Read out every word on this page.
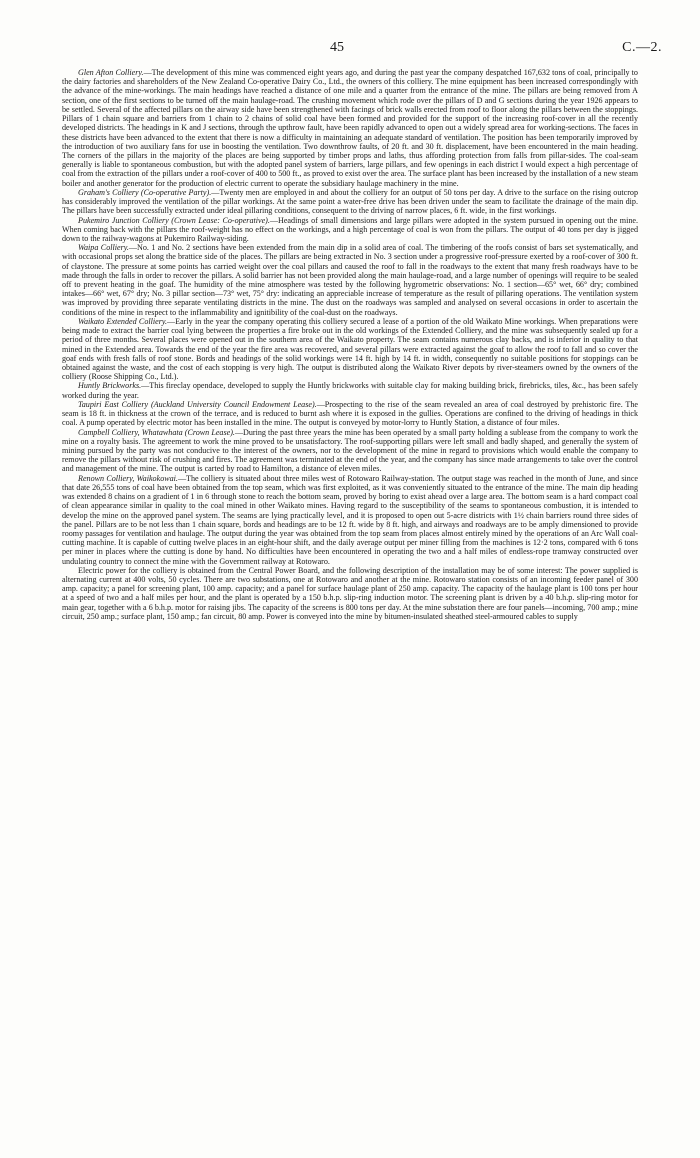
45	C.—2.

Glen Afton Colliery.—The development of this mine was commenced eight years ago, and during the past year the company despatched 167,632 tons of coal, principally to the dairy factories and shareholders of the New Zealand Co-operative Dairy Co., Ltd., the owners of this colliery. The mine equipment has been increased correspondingly with the advance of the mine-workings. The main headings have reached a distance of one mile and a quarter from the entrance of the mine. The pillars are being removed from A section, one of the first sections to be turned off the main haulage-road. The crushing movement which rode over the pillars of D and G sections during the year 1926 appears to be settled. Several of the affected pillars on the airway side have been strengthened with facings of brick walls erected from roof to floor along the pillars between the stoppings. Pillars of 1 chain square and barriers from 1 chain to 2 chains of solid coal have been formed and provided for the support of the increasing roof-cover in all the recently developed districts. The headings in K and J sections, through the upthrow fault, have been rapidly advanced to open out a widely spread area for working-sections. The faces in these districts have been advanced to the extent that there is now a difficulty in maintaining an adequate standard of ventilation. The position has been temporarily improved by the introduction of two auxiliary fans for use in boosting the ventilation. Two downthrow faults, of 20 ft. and 30 ft. displacement, have been encountered in the main heading. The corners of the pillars in the majority of the places are being supported by timber props and laths, thus affording protection from falls from pillar-sides. The coal-seam generally is liable to spontaneous combustion, but with the adopted panel system of barriers, large pillars, and few openings in each district I would expect a high percentage of coal from the extraction of the pillars under a roof-cover of 400 to 500 ft., as proved to exist over the area. The surface plant has been increased by the installation of a new steam boiler and another generator for the production of electric current to operate the subsidiary haulage machinery in the mine.

Graham's Colliery (Co-operative Party).—Twenty men are employed in and about the colliery for an output of 50 tons per day. A drive to the surface on the rising outcrop has considerably improved the ventilation of the pillar workings. At the same point a water-free drive has been driven under the seam to facilitate the drainage of the main dip. The pillars have been successfully extracted under ideal pillaring conditions, consequent to the driving of narrow places, 6 ft. wide, in the first workings.

Pukemiro Junction Colliery (Crown Lease: Co-operative).—Headings of small dimensions and large pillars were adopted in the system pursued in opening out the mine. When coming back with the pillars the roof-weight has no effect on the workings, and a high percentage of coal is won from the pillars. The output of 40 tons per day is jigged down to the railway-wagons at Pukemiro Railway-siding.

Waipa Colliery.—No. 1 and No. 2 sections have been extended from the main dip in a solid area of coal. The timbering of the roofs consist of bars set systematically, and with occasional props set along the brattice side of the places. The pillars are being extracted in No. 3 section under a progressive roof-pressure exerted by a roof-cover of 300 ft. of claystone. The pressure at some points has carried weight over the coal pillars and caused the roof to fall in the roadways to the extent that many fresh roadways have to be made through the falls in order to recover the pillars. A solid barrier has not been provided along the main haulage-road, and a large number of openings will require to be sealed off to prevent heating in the goaf. The humidity of the mine atmosphere was tested by the following hygrometric observations: No. 1 section—65° wet, 66° dry; combined intakes—66° wet, 67° dry; No. 3 pillar section—73° wet, 75° dry: indicating an appreciable increase of temperature as the result of pillaring operations. The ventilation system was improved by providing three separate ventilating districts in the mine. The dust on the roadways was sampled and analysed on several occasions in order to ascertain the conditions of the mine in respect to the inflammability and ignitibility of the coal-dust on the roadways.

Waikato Extended Colliery.—Early in the year the company operating this colliery secured a lease of a portion of the old Waikato Mine workings. When preparations were being made to extract the barrier coal lying between the properties a fire broke out in the old workings of the Extended Colliery, and the mine was subsequently sealed up for a period of three months. Several places were opened out in the southern area of the Waikato property. The seam contains numerous clay backs, and is inferior in quality to that mined in the Extended area. Towards the end of the year the fire area was recovered, and several pillars were extracted against the goaf to allow the roof to fall and so cover the goaf ends with fresh falls of roof stone. Bords and headings of the solid workings were 14 ft. high by 14 ft. in width, consequently no suitable positions for stoppings can be obtained against the waste, and the cost of each stopping is very high. The output is distributed along the Waikato River depots by river-steamers owned by the owners of the colliery (Roose Shipping Co., Ltd.).

Huntly Brickworks.—This fireclay opendace, developed to supply the Huntly brickworks with suitable clay for making building brick, firebricks, tiles, &c., has been safely worked during the year.

Taupiri East Colliery (Auckland University Council Endowment Lease).—Prospecting to the rise of the seam revealed an area of coal destroyed by prehistoric fire. The seam is 18 ft. in thickness at the crown of the terrace, and is reduced to burnt ash where it is exposed in the gullies. Operations are confined to the driving of headings in thick coal. A pump operated by electric motor has been installed in the mine. The output is conveyed by motor-lorry to Huntly Station, a distance of four miles.

Campbell Colliery, Whatawhata (Crown Lease).—During the past three years the mine has been operated by a small party holding a sublease from the company to work the mine on a royalty basis. The agreement to work the mine proved to be unsatisfactory. The roof-supporting pillars were left small and badly shaped, and generally the system of mining pursued by the party was not conducive to the interest of the owners, nor to the development of the mine in regard to provisions which would enable the company to remove the pillars without risk of crushing and fires. The agreement was terminated at the end of the year, and the company has since made arrangements to take over the control and management of the mine. The output is carted by road to Hamilton, a distance of eleven miles.

Renown Colliery, Waikokowai.—The colliery is situated about three miles west of Rotowaro Railway-station. The output stage was reached in the month of June, and since that date 26,555 tons of coal have been obtained from the top seam, which was first exploited, as it was conveniently situated to the entrance of the mine. The main dip heading was extended 8 chains on a gradient of 1 in 6 through stone to reach the bottom seam, proved by boring to exist ahead over a large area. The bottom seam is a hard compact coal of clean appearance similar in quality to the coal mined in other Waikato mines. Having regard to the susceptibility of the seams to spontaneous combustion, it is intended to develop the mine on the approved panel system. The seams are lying practically level, and it is proposed to open out 5-acre districts with 1½ chain barriers round three sides of the panel. Pillars are to be not less than 1 chain square, bords and headings are to be 12 ft. wide by 8 ft. high, and airways and roadways are to be amply dimensioned to provide roomy passages for ventilation and haulage. The output during the year was obtained from the top seam from places almost entirely mined by the operations of an Arc Wall coal-cutting machine. It is capable of cutting twelve places in an eight-hour shift, and the daily average output per miner filling from the machines is 12·2 tons, compared with 6 tons per miner in places where the cutting is done by hand. No difficulties have been encountered in operating the two and a half miles of endless-rope tramway constructed over undulating country to connect the mine with the Government railway at Rotowaro.

Electric power for the colliery is obtained from the Central Power Board, and the following description of the installation may be of some interest: The power supplied is alternating current at 400 volts, 50 cycles. There are two substations, one at Rotowaro and another at the mine. Rotowaro station consists of an incoming feeder panel of 300 amp. capacity; a panel for screening plant, 100 amp. capacity; and a panel for surface haulage plant of 250 amp. capacity. The capacity of the haulage plant is 100 tons per hour at a speed of two and a half miles per hour, and the plant is operated by a 150 b.h.p. slip-ring induction motor. The screening plant is driven by a 40 b.h.p. slip-ring motor for main gear, together with a 6 b.h.p. motor for raising jibs. The capacity of the screens is 800 tons per day. At the mine substation there are four panels—incoming, 700 amp.; mine circuit, 250 amp.; surface plant, 150 amp.; fan circuit, 80 amp. Power is conveyed into the mine by bitumen-insulated sheathed steel-armoured cables to supply
